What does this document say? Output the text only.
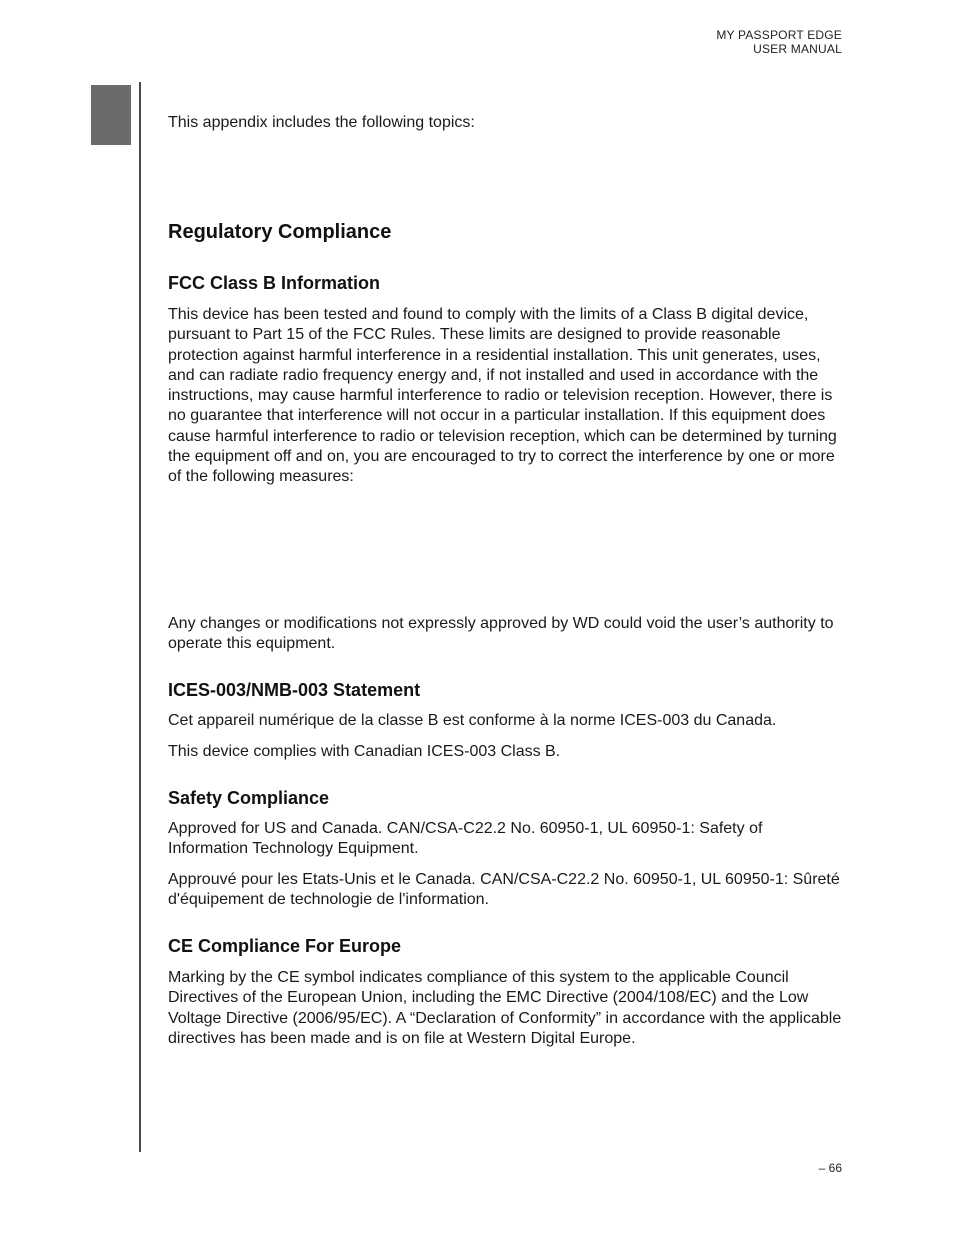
MY PASSPORT EDGE
USER MANUAL

This appendix includes the following topics:

Regulatory Compliance
FCC Class B Information

This device has been tested and found to comply with the limits of a Class B digital device, pursuant to Part 15 of the FCC Rules. These limits are designed to provide reasonable protection against harmful interference in a residential installation. This unit generates, uses, and can radiate radio frequency energy and, if not installed and used in accordance with the instructions, may cause harmful interference to radio or television reception. However, there is no guarantee that interference will not occur in a particular installation. If this equipment does cause harmful interference to radio or television reception, which can be determined by turning the equipment off and on, you are encouraged to try to correct the interference by one or more of the following measures:

Any changes or modifications not expressly approved by WD could void the user’s authority to operate this equipment.

ICES-003/NMB-003 Statement

Cet appareil numérique de la classe B est conforme à la norme ICES-003 du Canada.

This device complies with Canadian ICES-003 Class B.

Safety Compliance

Approved for US and Canada. CAN/CSA-C22.2 No. 60950-1, UL 60950-1: Safety of Information Technology Equipment.

Approuvé pour les Etats-Unis et le Canada. CAN/CSA-C22.2 No. 60950-1, UL 60950-1: Sûreté d'équipement de technologie de l'information.

CE Compliance For Europe

Marking by the CE symbol indicates compliance of this system to the applicable Council Directives of the European Union, including the EMC Directive (2004/108/EC) and the Low Voltage Directive (2006/95/EC). A “Declaration of Conformity” in accordance with the applicable directives has been made and is on file at Western Digital Europe.

– 66
